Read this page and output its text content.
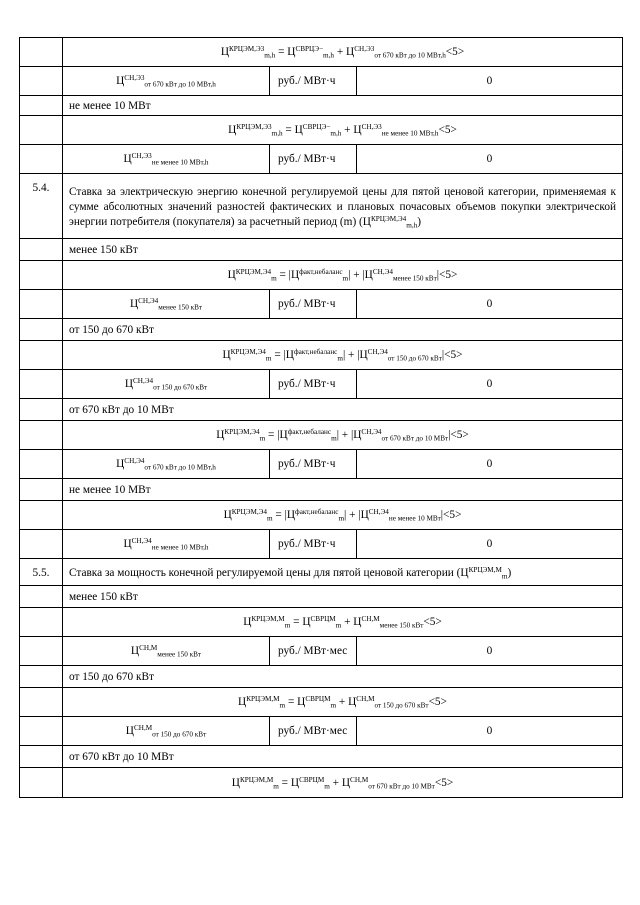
	$Ц^{КРЦЭМ,Э3}_{m,h} = Ц^{СВРЦЭ-}_{m,h} + Ц^{СН,Э3}_{от 670 кВт до 10 МВт,h}<5>$		
	$Ц^{СН,Э3}_{от 670 кВт до 10 МВт,h}$	руб./ МВт·ч	0
	не менее 10 МВт		
	$Ц^{КРЦЭМ,Э3}_{m,h} = Ц^{СВРЦЭ-}_{m,h} + Ц^{СН,Э3}_{не менее 10 МВт,h}<5>$		
	$Ц^{СН,Э3}_{не менее 10 МВт,h}$	руб./ МВт·ч	0
5.4.	Ставка за электрическую энергию конечной регулируемой цены для пятой ценовой категории, применяемая к сумме абсолютных значений разностей фактических и плановых почасовых объемов покупки электрической энергии потребителя (покупателя) за расчетный период (m) $(Ц^{КРЦЭМ,Э4}_{m,h})$		
	менее 150 кВт		
	$Ц^{КРЦЭМ,Э4}_m = |Ц^{факт,небаланс}_m| + |Ц^{СН,Э4}_{менее 150 кВт}|<5>$		
	$Ц^{СН,Э4}_{менее 150 кВт}$	руб./ МВт·ч	0
	от 150 до 670 кВт		
	$Ц^{КРЦЭМ,Э4}_m = |Ц^{факт,небаланс}_m| + |Ц^{СН,Э4}_{от 150 до 670 кВт}|<5>$		
	$Ц^{СН,Э4}_{от 150 до 670 кВт}$	руб./ МВт·ч	0
	от 670 кВт до 10 МВт		
	$Ц^{КРЦЭМ,Э4}_m = |Ц^{факт,небаланс}_m| + |Ц^{СН,Э4}_{от 670 кВт до 10 МВт}|<5>$		
	$Ц^{СН,Э4}_{от 670 кВт до 10 МВт,h}$	руб./ МВт·ч	0
	не менее 10 МВт		
	$Ц^{КРЦЭМ,Э4}_m = |Ц^{факт,небаланс}_m| + |Ц^{СН,Э4}_{не менее 10 МВт}|<5>$		
	$Ц^{СН,Э4}_{не менее 10 МВт,h}$	руб./ МВт·ч	0
5.5.	Ставка за мощность конечной регулируемой цены для пятой ценовой категории $(Ц^{КРЦЭМ,М}_m)$		
	менее 150 кВт		
	$Ц^{КРЦЭМ,М}_m = Ц^{СВРЦМ}_m + Ц^{СН,М}_{менее 150 кВт}<5>$		
	$Ц^{СН,М}_{менее 150 кВт}$	руб./ МВт·мес	0
	от 150 до 670 кВт		
	$Ц^{КРЦЭМ,М}_m = Ц^{СВРЦМ}_m + Ц^{СН,М}_{от 150 до 670 кВт}<5>$		
	$Ц^{СН,М}_{от 150 до 670 кВт}$	руб./ МВт·мес	0
	от 670 кВт до 10 МВт		
	$Ц^{КРЦЭМ,М}_m = Ц^{СВРЦМ}_m + Ц^{СН,М}_{от 670 кВт до 10 МВт}<5>$		
